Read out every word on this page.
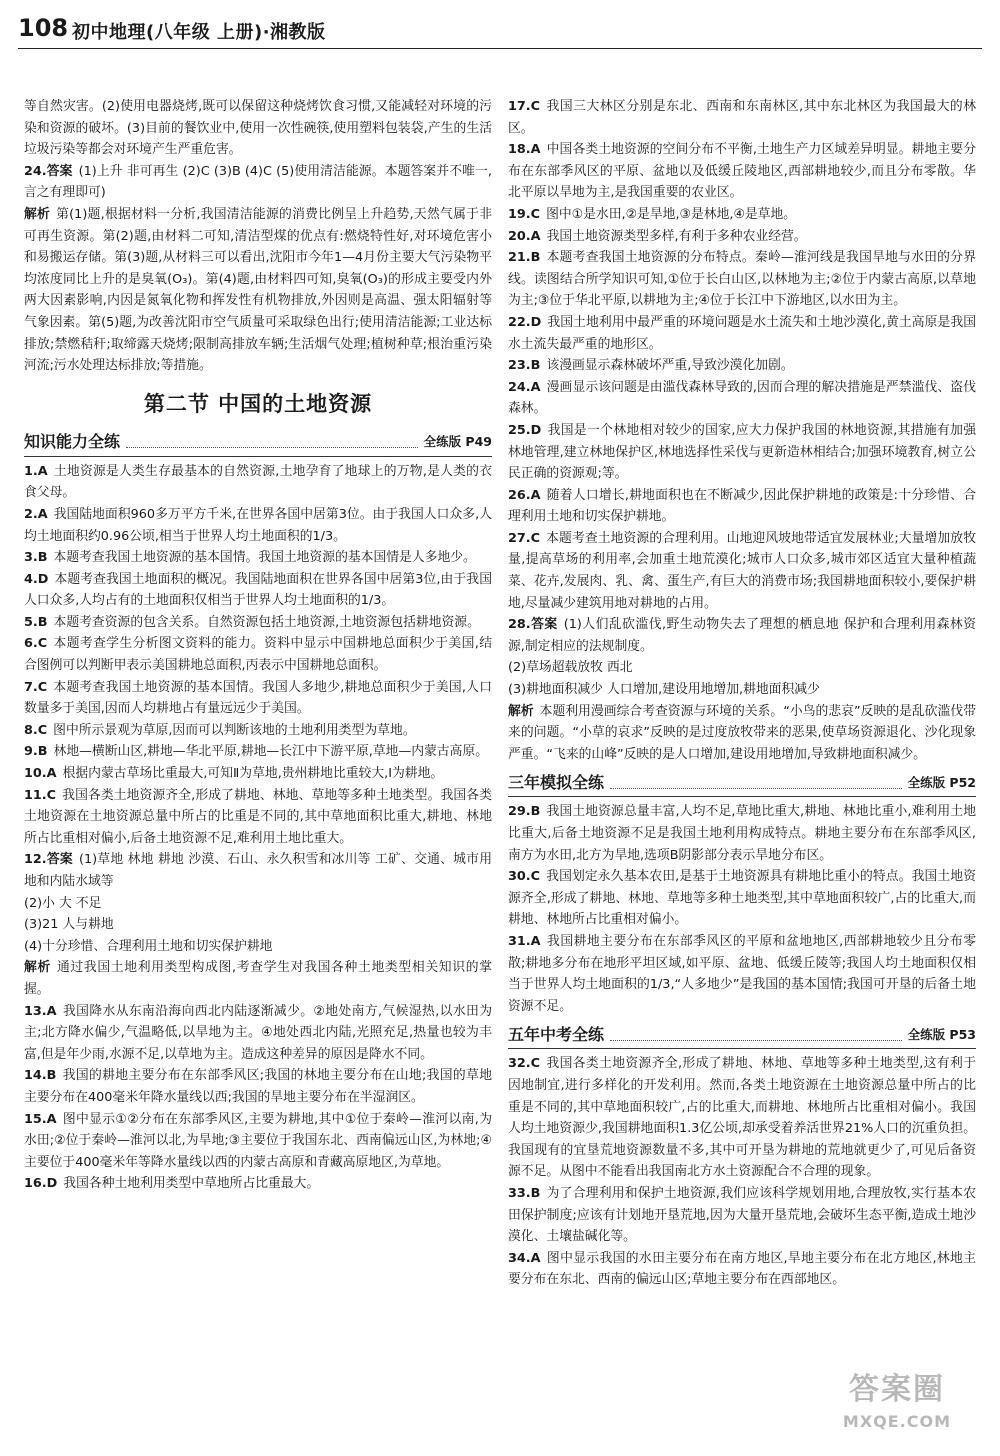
108 初中地理(八年级 上册)·湘教版

等自然灾害。(2)使用电器烧烤,既可以保留这种烧烤饮食习惯,又能减轻对环境的污染和资源的破坏。(3)目前的餐饮业中,使用一次性碗筷,使用塑料包装袋,产生的生活垃圾污染等都会对环境产生严重危害。

24.答案 (1)上升 非可再生 (2)C (3)B (4)C (5)使用清洁能源。本题答案并不唯一,言之有理即可)
解析 第(1)题,根据材料一分析,我国清洁能源的消费比例呈上升趋势,天然气属于非可再生资源。第(2)题,由材料二可知,清洁型煤的优点有:燃烧特性好,对环境危害小和易搬运存储。第(3)题,从材料三可以看出,沈阳市今年1—4月份主要大气污染物平均浓度同比上升的是臭氧(O₃)。第(4)题,由材料四可知,臭氧(O₃)的形成主要受内外两大因素影响,内因是氮氧化物和挥发性有机物排放,外因则是高温、强太阳辐射等气象因素。第(5)题,为改善沈阳市空气质量可采取绿色出行;使用清洁能源;工业达标排放;禁燃秸秆;取缔露天烧烤;限制高排放车辆;生活烟气处理;植树种草;根治重污染河流;污水处理达标排放;等措施。

第二节 中国的土地资源
知识能力全练	全练版 P49

1.A 土地资源是人类生存最基本的自然资源,土地孕育了地球上的万物,是人类的衣食父母。

2.A 我国陆地面积960多万平方千米,在世界各国中居第3位。由于我国人口众多,人均土地面积约0.96公顷,相当于世界人均土地面积的1/3。

3.B 本题考查我国土地资源的基本国情。我国土地资源的基本国情是人多地少。

4.D 本题考查我国土地面积的概况。我国陆地面积在世界各国中居第3位,由于我国人口众多,人均占有的土地面积仅相当于世界人均土地面积的1/3。

5.B 本题考查资源的包含关系。自然资源包括土地资源,土地资源包括耕地资源。

6.C 本题考查学生分析图文资料的能力。资料中显示中国耕地总面积少于美国,结合图例可以判断甲表示美国耕地总面积,丙表示中国耕地总面积。

7.C 本题考查我国土地资源的基本国情。我国人多地少,耕地总面积少于美国,人口数量多于美国,因而人均耕地占有量远远少于美国。

8.C 图中所示景观为草原,因而可以判断该地的土地利用类型为草地。

9.B 林地—横断山区,耕地—华北平原,耕地—长江中下游平原,草地—内蒙古高原。

10.A 根据内蒙古草场比重最大,可知Ⅱ为草地,贵州耕地比重较大,Ⅰ为耕地。

11.C 我国各类土地资源齐全,形成了耕地、林地、草地等多种土地类型。我国各类土地资源在土地资源总量中所占的比重是不同的,其中草地面积比重大,耕地、林地所占比重相对偏小,后备土地资源不足,难利用土地比重大。

12.答案 (1)草地 林地 耕地 沙漠、石山、永久积雪和冰川等 工矿、交通、城市用地和内陆水域等
(2)小 大 不足
(3)21 人与耕地
(4)十分珍惜、合理利用土地和切实保护耕地
解析 通过我国土地利用类型构成图,考查学生对我国各种土地类型相关知识的掌握。

13.A 我国降水从东南沿海向西北内陆逐渐减少。②地处南方,气候湿热,以水田为主;北方降水偏少,气温略低,以旱地为主。④地处西北内陆,光照充足,热量也较为丰富,但是年少雨,水源不足,以草地为主。造成这种差异的原因是降水不同。

14.B 我国的耕地主要分布在东部季风区;我国的林地主要分布在山地;我国的草地主要分布在400毫米年降水量线以西;我国的旱地主要分布在半湿润区。

15.A 图中显示①②分布在东部季风区,主要为耕地,其中①位于秦岭—淮河以南,为水田;②位于秦岭—淮河以北,为旱地;③主要位于我国东北、西南偏远山区,为林地;④主要位于400毫米年等降水量线以西的内蒙古高原和青藏高原地区,为草地。

16.D 我国各种土地利用类型中草地所占比重最大。

17.C 我国三大林区分别是东北、西南和东南林区,其中东北林区为我国最大的林区。

18.A 中国各类土地资源的空间分布不平衡,土地生产力区域差异明显。耕地主要分布在东部季风区的平原、盆地以及低缓丘陵地区,西部耕地较少,而且分布零散。华北平原以旱地为主,是我国重要的农业区。

19.C 图中①是水田,②是旱地,③是林地,④是草地。

20.A 我国土地资源类型多样,有利于多种农业经营。

21.B 本题考查我国土地资源的分布特点。秦岭—淮河线是我国旱地与水田的分界线。读图结合所学知识可知,①位于长白山区,以林地为主;②位于内蒙古高原,以草地为主;③位于华北平原,以耕地为主;④位于长江中下游地区,以水田为主。

22.D 我国土地利用中最严重的环境问题是水土流失和土地沙漠化,黄土高原是我国水土流失最严重的地形区。

23.B 该漫画显示森林破坏严重,导致沙漠化加剧。

24.A 漫画显示该问题是由滥伐森林导致的,因而合理的解决措施是严禁滥伐、盗伐森林。

25.D 我国是一个林地相对较少的国家,应大力保护我国的林地资源,其措施有加强林地管理,建立林地保护区,林地选择性采伐与更新造林相结合;加强环境教育,树立公民正确的资源观;等。

26.A 随着人口增长,耕地面积也在不断减少,因此保护耕地的政策是:十分珍惜、合理利用土地和切实保护耕地。

27.C 本题考查土地资源的合理利用。山地迎风坡地带适宜发展林业;大量增加放牧量,提高草场的利用率,会加重土地荒漠化;城市人口众多,城市郊区适宜大量种植蔬菜、花卉,发展肉、乳、禽、蛋生产,有巨大的消费市场;我国耕地面积较小,要保护耕地,尽量减少建筑用地对耕地的占用。

28.答案 (1)人们乱砍滥伐,野生动物失去了理想的栖息地 保护和合理利用森林资源,制定相应的法规制度。
(2)草场超载放牧 西北
(3)耕地面积减少 人口增加,建设用地增加,耕地面积减少
解析 本题利用漫画综合考查资源与环境的关系。“小鸟的悲哀”反映的是乱砍滥伐带来的问题。“小草的哀求”反映的是过度放牧带来的恶果,使草场资源退化、沙化现象严重。“飞来的山峰”反映的是人口增加,建设用地增加,导致耕地面积减少。

三年模拟全练	全练版 P52

29.B 我国土地资源总量丰富,人均不足,草地比重大,耕地、林地比重小,难利用土地比重大,后备土地资源不足是我国土地利用构成特点。耕地主要分布在东部季风区,南方为水田,北方为旱地,选项B阴影部分表示旱地分布区。

30.C 我国划定永久基本农田,是基于土地资源具有耕地比重小的特点。我国土地资源齐全,形成了耕地、林地、草地等多种土地类型,其中草地面积较广,占的比重大,而耕地、林地所占比重相对偏小。

31.A 我国耕地主要分布在东部季风区的平原和盆地地区,西部耕地较少且分布零散;耕地多分布在地形平坦区域,如平原、盆地、低缓丘陵等;我国人均土地面积仅相当于世界人均土地面积的1/3,“人多地少”是我国的基本国情;我国可开垦的后备土地资源不足。

五年中考全练	全练版 P53

32.C 我国各类土地资源齐全,形成了耕地、林地、草地等多种土地类型,这有利于因地制宜,进行多样化的开发利用。然而,各类土地资源在土地资源总量中所占的比重是不同的,其中草地面积较广,占的比重大,而耕地、林地所占比重相对偏小。我国人均土地资源少,我国耕地面积1.3亿公顷,却承受着养活世界21%人口的沉重负担。我国现有的宜垦荒地资源数量不多,其中可开垦为耕地的荒地就更少了,可见后备资源不足。从图中不能看出我国南北方水土资源配合不合理的现象。

33.B 为了合理利用和保护土地资源,我们应该科学规划用地,合理放牧,实行基本农田保护制度;应该有计划地开垦荒地,因为大量开垦荒地,会破坏生态平衡,造成土地沙漠化、土壤盐碱化等。

34.A 图中显示我国的水田主要分布在南方地区,旱地主要分布在北方地区,林地主要分布在东北、西南的偏远山区;草地主要分布在西部地区。

答案圈
MXQE.COM
